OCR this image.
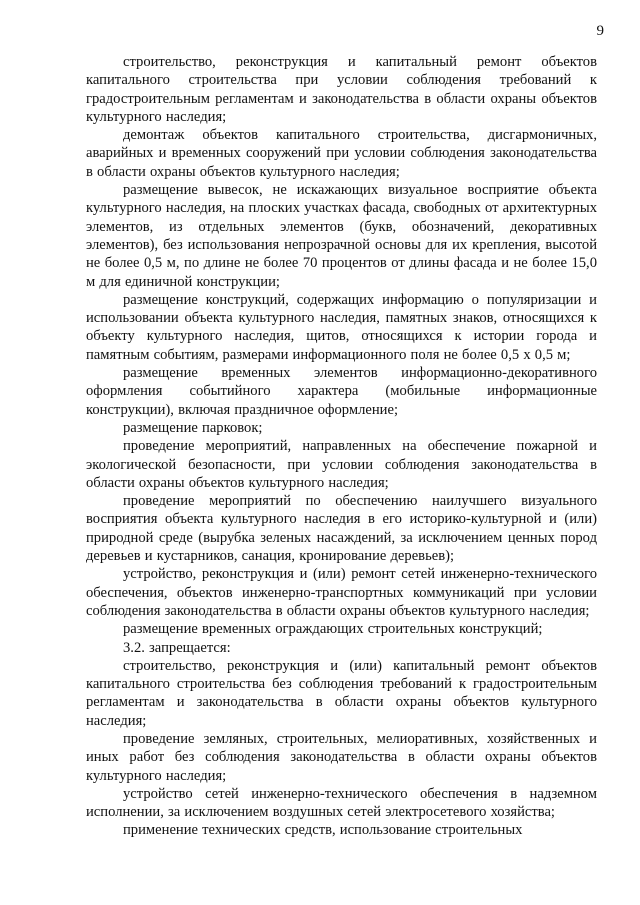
9

строительство, реконструкция и капитальный ремонт объектов капитального строительства при условии соблюдения требований к градостроительным регламентам и законодательства в области охраны объектов культурного наследия;

демонтаж объектов капитального строительства, дисгармоничных, аварийных и временных сооружений при условии соблюдения законодательства в области охраны объектов культурного наследия;

размещение вывесок, не искажающих визуальное восприятие объекта культурного наследия, на плоских участках фасада, свободных от архитектурных элементов, из отдельных элементов (букв, обозначений, декоративных элементов), без использования непрозрачной основы для их крепления, высотой не более 0,5 м, по длине не более 70 процентов от длины фасада и не более 15,0 м для единичной конструкции;

размещение конструкций, содержащих информацию о популяризации и использовании объекта культурного наследия, памятных знаков, относящихся к объекту культурного наследия, щитов, относящихся к истории города и памятным событиям, размерами информационного поля не более 0,5 х 0,5 м;

размещение временных элементов информационно-декоративного оформления событийного характера (мобильные информационные конструкции), включая праздничное оформление;

размещение парковок;

проведение мероприятий, направленных на обеспечение пожарной и экологической безопасности, при условии соблюдения законодательства в области охраны объектов культурного наследия;

проведение мероприятий по обеспечению наилучшего визуального восприятия объекта культурного наследия в его историко-культурной и (или) природной среде (вырубка зеленых насаждений, за исключением ценных пород деревьев и кустарников, санация, кронирование деревьев);

устройство, реконструкция и (или) ремонт сетей инженерно-технического обеспечения, объектов инженерно-транспортных коммуникаций при условии соблюдения законодательства в области охраны объектов культурного наследия;

размещение временных ограждающих строительных конструкций;

3.2. запрещается:

строительство, реконструкция и (или) капитальный ремонт объектов капитального строительства без соблюдения требований к градостроительным регламентам и законодательства в области охраны объектов культурного наследия;

проведение земляных, строительных, мелиоративных, хозяйственных и иных работ без соблюдения законодательства в области охраны объектов культурного наследия;

устройство сетей инженерно-технического обеспечения в надземном исполнении, за исключением воздушных сетей электросетевого хозяйства;

применение технических средств, использование строительных
